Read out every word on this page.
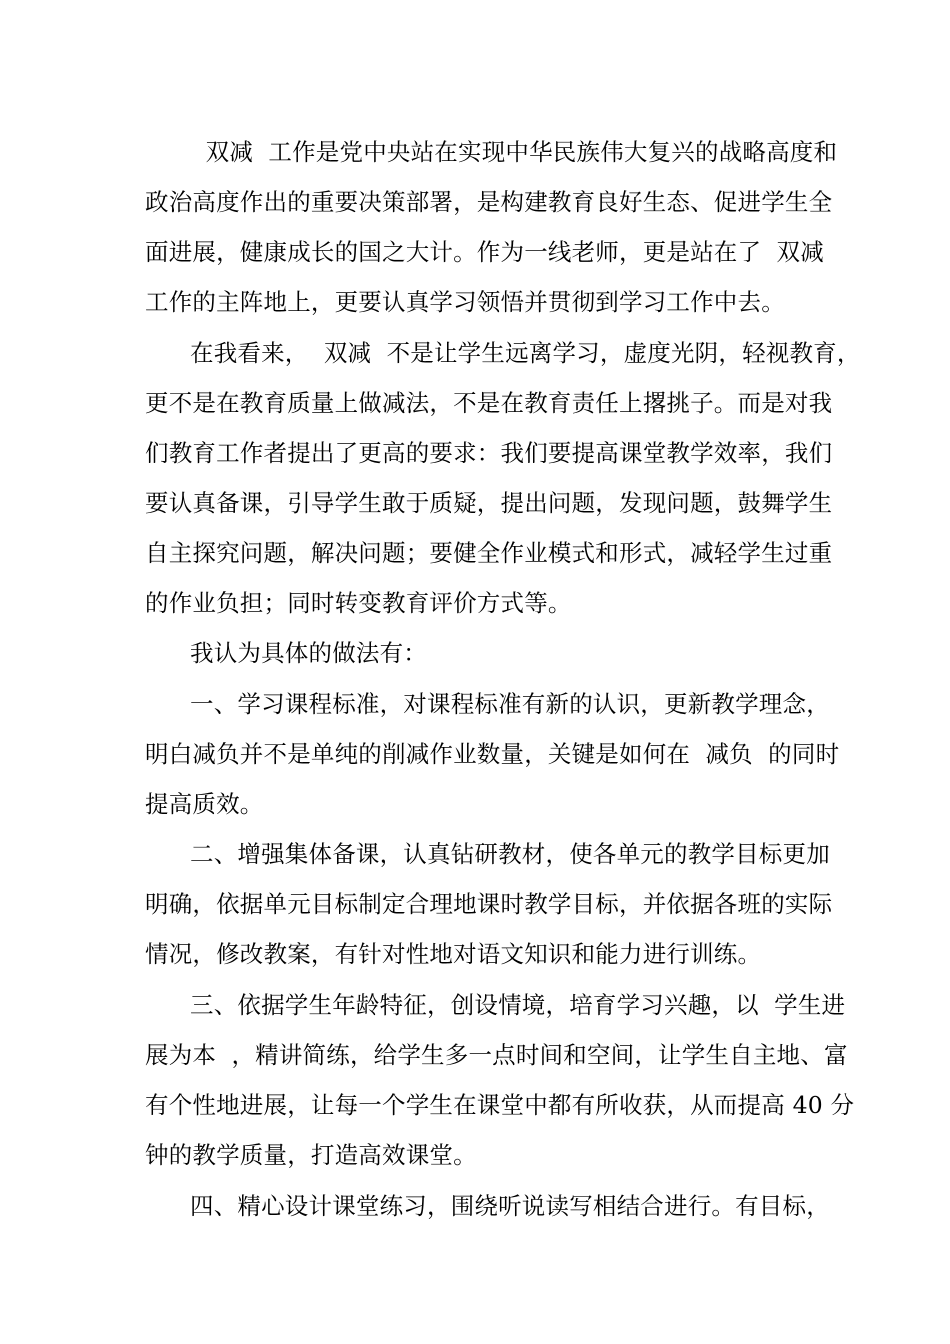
双减  工作是党中央站在实现中华民族伟大复兴的战略高度和
政治高度作出的重要决策部署，是构建教育良好生态、促进学生全
面进展，健康成长的国之大计。作为一线老师，更是站在了  双减
工作的主阵地上，更要认真学习领悟并贯彻到学习工作中去。
在我看来，  双减  不是让学生远离学习，虚度光阴，轻视教育，
更不是在教育质量上做减法，不是在教育责任上撂挑子。而是对我
们教育工作者提出了更高的要求：我们要提高课堂教学效率，我们
要认真备课，引导学生敢于质疑，提出问题，发现问题，鼓舞学生
自主探究问题，解决问题；要健全作业模式和形式，减轻学生过重
的作业负担；同时转变教育评价方式等。
我认为具体的做法有：
一、学习课程标准，对课程标准有新的认识，更新教学理念，
明白减负并不是单纯的削减作业数量，关键是如何在  减负  的同时
提高质效。
二、增强集体备课，认真钻研教材，使各单元的教学目标更加
明确，依据单元目标制定合理地课时教学目标，并依据各班的实际
情况，修改教案，有针对性地对语文知识和能力进行训练。
三、依据学生年龄特征，创设情境，培育学习兴趣，以  学生进
展为本  ，精讲简练，给学生多一点时间和空间，让学生自主地、富
有个性地进展，让每一个学生在课堂中都有所收获，从而提高 40 分
钟的教学质量，打造高效课堂。
四、精心设计课堂练习，围绕听说读写相结合进行。有目标，
